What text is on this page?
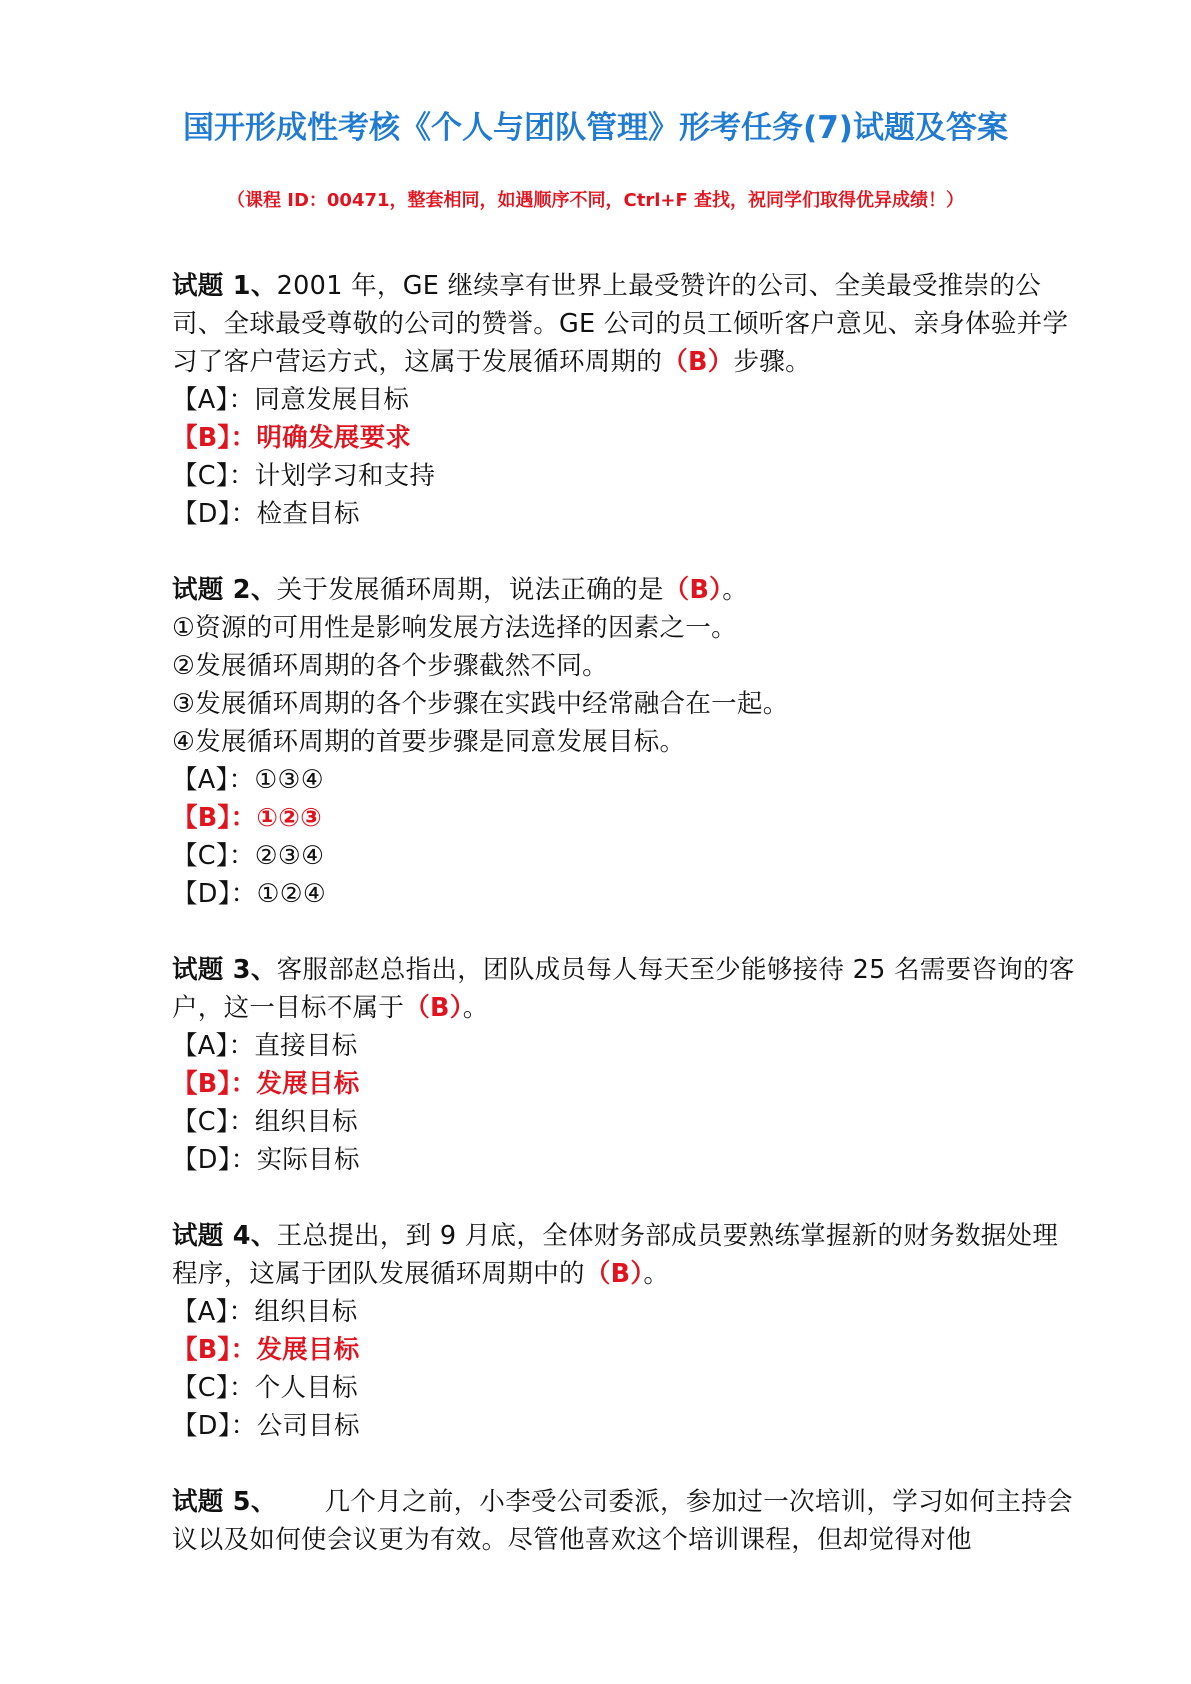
国开形成性考核《个人与团队管理》形考任务(7)试题及答案

（课程 ID：00471，整套相同，如遇顺序不同，Ctrl+F 查找，祝同学们取得优异成绩！）

试题 1、2001 年，GE 继续享有世界上最受赞许的公司、全美最受推崇的公司、全球最受尊敬的公司的赞誉。GE 公司的员工倾听客户意见、亲身体验并学习了客户营运方式，这属于发展循环周期的（B）步骤。

【A】：同意发展目标

【B】：明确发展要求

【C】：计划学习和支持

【D】：检查目标

试题 2、关于发展循环周期，说法正确的是（B）。

①资源的可用性是影响发展方法选择的因素之一。

②发展循环周期的各个步骤截然不同。

③发展循环周期的各个步骤在实践中经常融合在一起。

④发展循环周期的首要步骤是同意发展目标。

【A】：①③④

【B】：①②③

【C】：②③④

【D】：①②④

试题 3、客服部赵总指出，团队成员每人每天至少能够接待 25 名需要咨询的客户，这一目标不属于（B）。

【A】：直接目标

【B】：发展目标

【C】：组织目标

【D】：实际目标

试题 4、王总提出，到 9 月底，全体财务部成员要熟练掌握新的财务数据处理程序，这属于团队发展循环周期中的（B）。

【A】：组织目标

【B】：发展目标

【C】：个人目标

【D】：公司目标

试题 5、 几个月之前，小李受公司委派，参加过一次培训，学习如何主持会议以及如何使会议更为有效。尽管他喜欢这个培训课程，但却觉得对他
